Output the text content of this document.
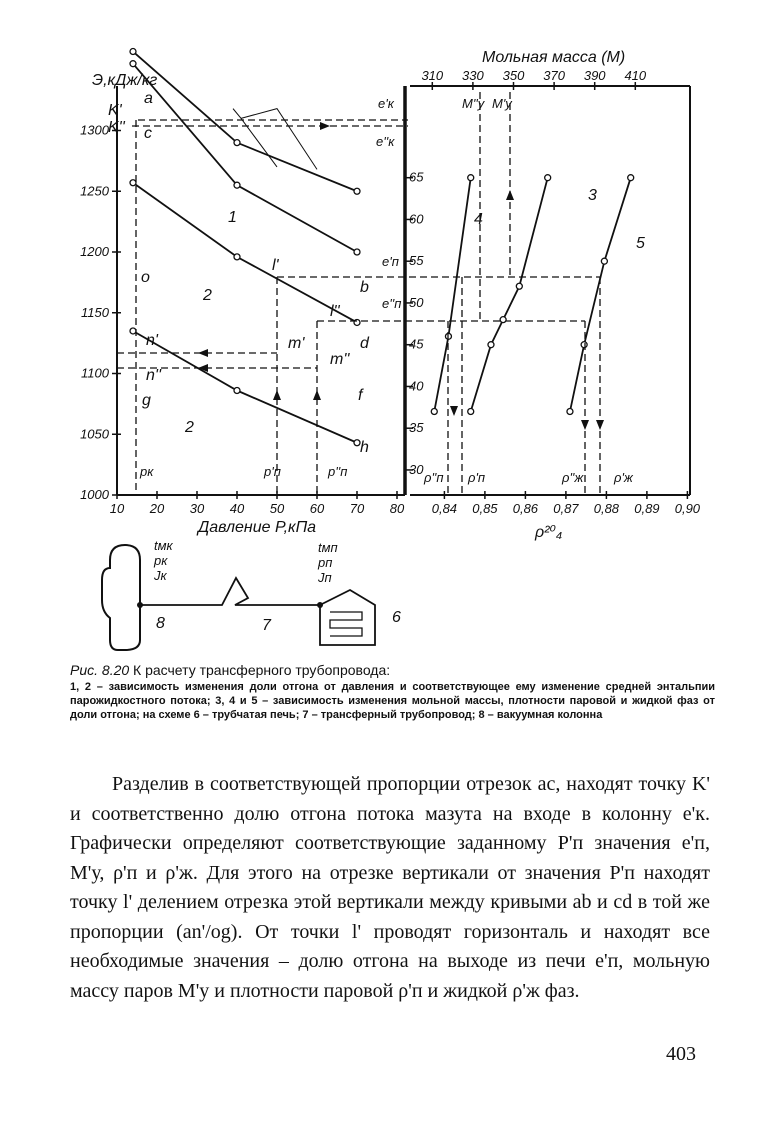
Э,кДж/кг
Давление P,кПа
1000
1050
1100
1150
1200
1250
1300
10 20 30 40 50 60 70 80
a
c
b
d
f
h
o
g
n'
n''
l'
l''
m'
m''
K'
K''
1
2
2
pк	p'п	p''п	30
35
40
45
50
55
60
65
e'к
e''к
e'п
e''п
Мольная масса (M)
ρ²⁰₄
0,84 0,85 0,86 0,87 0,88 0,89 0,90
310 330 350 370 390 410
3
4
5
M''у M'у
ρ''п ρ'п	ρ''ж ρ'ж
tмк
pк
Jк
tмп
pп
Jп
6
7
8
Рис. 8.20 К расчету трансферного трубопровода:
1, 2 – зависимость изменения доли отгона от давления и соответствующее ему изменение средней энтальпии парожидкостного потока; 3, 4 и 5 – зависимость изменения мольной массы, плотности паровой и жидкой фаз от доли отгона; на схеме 6 – трубчатая печь; 7 – трансферный трубопровод; 8 – вакуумная колонна

Разделив в соответствующей пропорции отрезок ac, находят точку K' и соответственно долю отгона потока мазута на входе в колонну e'к. Графически определяют соответствующие заданному P'п значения e'п, M'у, ρ'п и ρ'ж. Для этого на отрезке вертикали от значения P'п находят точку l' делением отрезка этой вертикали между кривыми ab и cd в той же пропорции (an'/og). От точки l' проводят горизонталь и находят все необходимые значения – долю отгона на выходе из печи e'п, мольную массу паров M'у и плотности паровой ρ'п и жидкой ρ'ж фаз.

403
